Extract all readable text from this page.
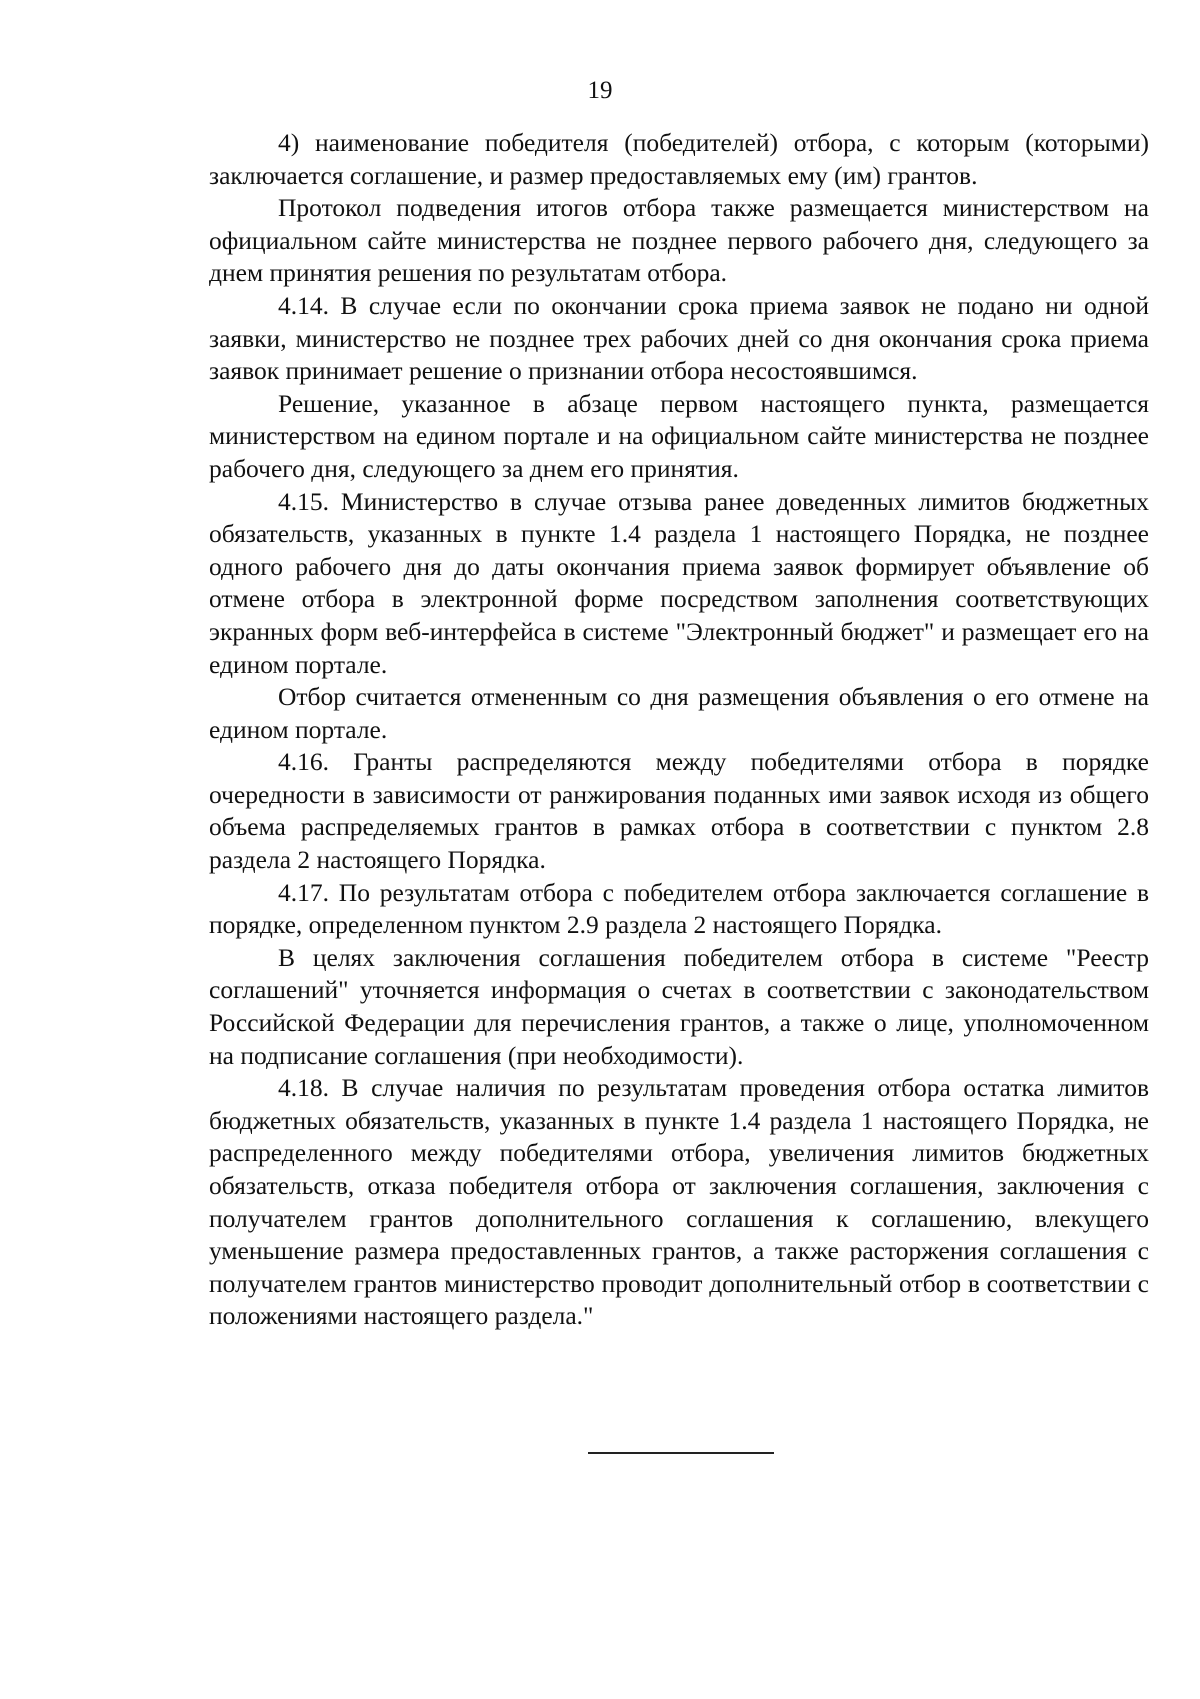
19

4) наименование победителя (победителей) отбора, с которым (которыми) заключается соглашение, и размер предоставляемых ему (им) грантов.

Протокол подведения итогов отбора также размещается министерством на официальном сайте министерства не позднее первого рабочего дня, следующего за днем принятия решения по результатам отбора.

4.14. В случае если по окончании срока приема заявок не подано ни одной заявки, министерство не позднее трех рабочих дней со дня окончания срока приема заявок принимает решение о признании отбора несостоявшимся.

Решение, указанное в абзаце первом настоящего пункта, размещается министерством на едином портале и на официальном сайте министерства не позднее рабочего дня, следующего за днем его принятия.

4.15. Министерство в случае отзыва ранее доведенных лимитов бюджетных обязательств, указанных в пункте 1.4 раздела 1 настоящего Порядка, не позднее одного рабочего дня до даты окончания приема заявок формирует объявление об отмене отбора в электронной форме посредством заполнения соответствующих экранных форм веб-интерфейса в системе "Электронный бюджет" и размещает его на едином портале.

Отбор считается отмененным со дня размещения объявления о его отмене на едином портале.

4.16. Гранты распределяются между победителями отбора в порядке очередности в зависимости от ранжирования поданных ими заявок исходя из общего объема распределяемых грантов в рамках отбора в соответствии с пунктом 2.8 раздела 2 настоящего Порядка.

4.17. По результатам отбора с победителем отбора заключается соглашение в порядке, определенном пунктом 2.9 раздела 2 настоящего Порядка.

В целях заключения соглашения победителем отбора в системе "Реестр соглашений" уточняется информация о счетах в соответствии с законодательством Российской Федерации для перечисления грантов, а также о лице, уполномоченном на подписание соглашения (при необходимости).

4.18. В случае наличия по результатам проведения отбора остатка лимитов бюджетных обязательств, указанных в пункте 1.4 раздела 1 настоящего Порядка, не распределенного между победителями отбора, увеличения лимитов бюджетных обязательств, отказа победителя отбора от заключения соглашения, заключения с получателем грантов дополнительного соглашения к соглашению, влекущего уменьшение размера предоставленных грантов, а также расторжения соглашения с получателем грантов министерство проводит дополнительный отбор в соответствии с положениями настоящего раздела."
